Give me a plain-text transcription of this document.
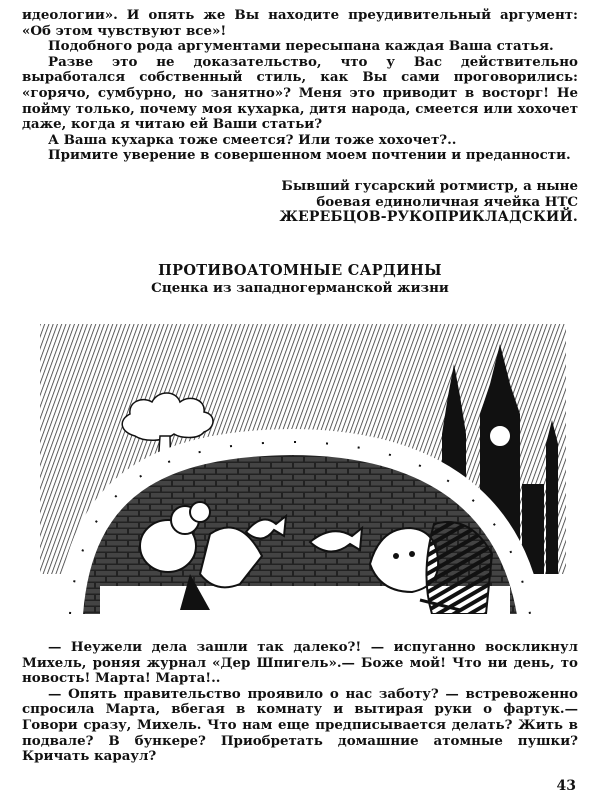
идеологии». И опять же Вы находите преудивительный аргумент: «Об этом чувствуют все»!

Подобного рода аргументами пересыпана каждая Ваша статья.

Разве это не доказательство, что у Вас действительно выработался собственный стиль, как Вы сами проговорились: «горячо, сумбурно, но занятно»? Меня это приводит в восторг! Не пойму только, почему моя кухарка, дитя народа, смеется или хохочет даже, когда я читаю ей Ваши статьи?

А Ваша кухарка тоже смеется? Или тоже хохочет?..

Примите уверение в совершенном моем почтении и преданности.

Бывший гусарский ротмистр, а ныне
боевая единоличная ячейка НТС
ЖЕРЕБЦОВ-РУКОПРИКЛАДСКИЙ.
ПРОТИВОАТОМНЫЕ САРДИНЫ
Сценка из западногерманской жизни

— Неужели дела зашли так далеко?! — испуганно воскликнул Михель, роняя журнал «Дер Шпигель».— Боже мой! Что ни день, то новость! Марта! Марта!..

— Опять правительство проявило о нас заботу? — встревоженно спросила Марта, вбегая в комнату и вытирая руки о фартук.— Говори сразу, Михель. Что нам еще предписывается делать? Жить в подвале? В бункере? Приобретать домашние атомные пушки? Кричать караул?

43
